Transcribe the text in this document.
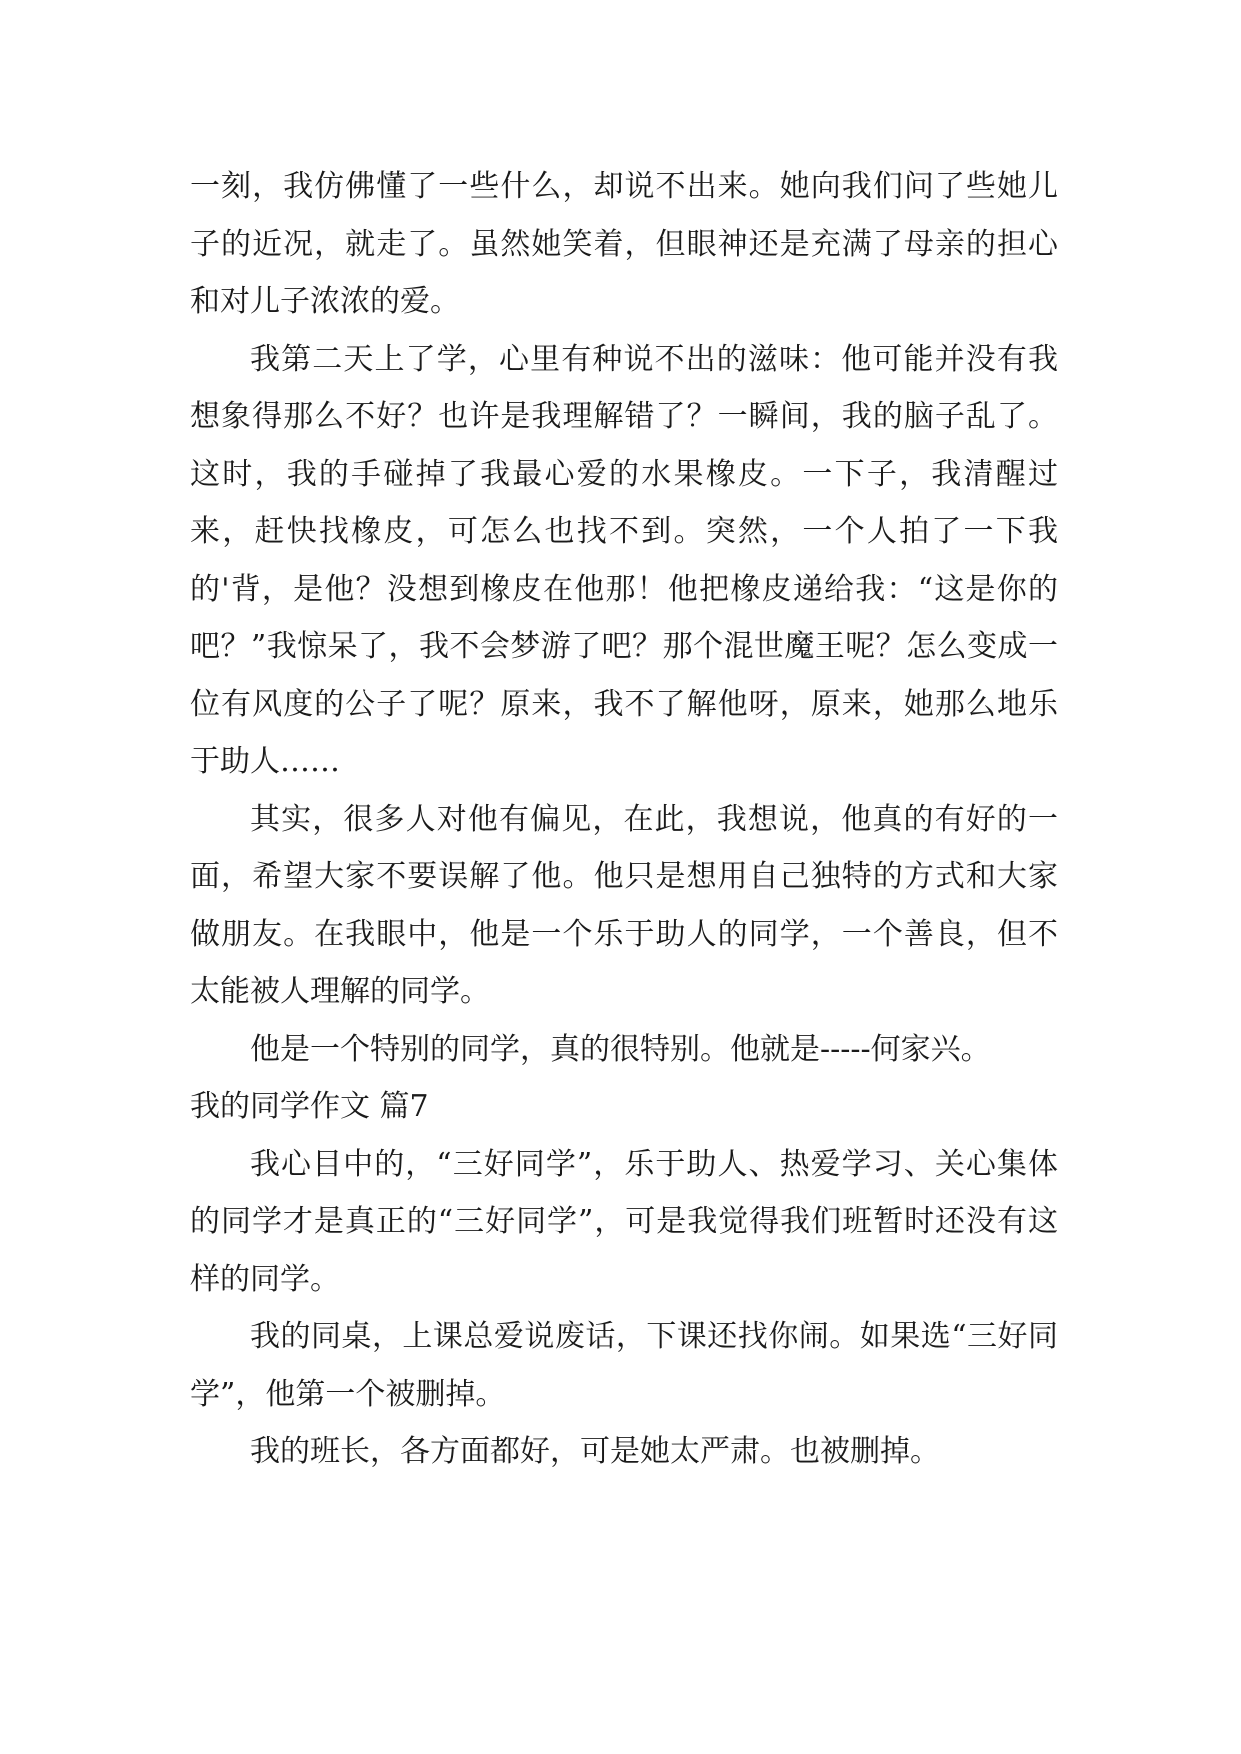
一刻，我仿佛懂了一些什么，却说不出来。她向我们问了些她儿子的近况，就走了。虽然她笑着，但眼神还是充满了母亲的担心和对儿子浓浓的爱。

我第二天上了学，心里有种说不出的滋味：他可能并没有我想象得那么不好？也许是我理解错了？一瞬间，我的脑子乱了。这时，我的手碰掉了我最心爱的水果橡皮。一下子，我清醒过来，赶快找橡皮，可怎么也找不到。突然，一个人拍了一下我的'背，是他？没想到橡皮在他那！他把橡皮递给我：“这是你的吧？”我惊呆了，我不会梦游了吧？那个混世魔王呢？怎么变成一位有风度的公子了呢？原来，我不了解他呀，原来，她那么地乐于助人……

其实，很多人对他有偏见，在此，我想说，他真的有好的一面，希望大家不要误解了他。他只是想用自己独特的方式和大家做朋友。在我眼中，他是一个乐于助人的同学，一个善良，但不太能被人理解的同学。

他是一个特别的同学，真的很特别。他就是-----何家兴。

我的同学作文 篇7

我心目中的，“三好同学”，乐于助人、热爱学习、关心集体的同学才是真正的“三好同学”，可是我觉得我们班暂时还没有这样的同学。

我的同桌，上课总爱说废话，下课还找你闹。如果选“三好同学”，他第一个被删掉。

我的班长，各方面都好，可是她太严肃。也被删掉。
